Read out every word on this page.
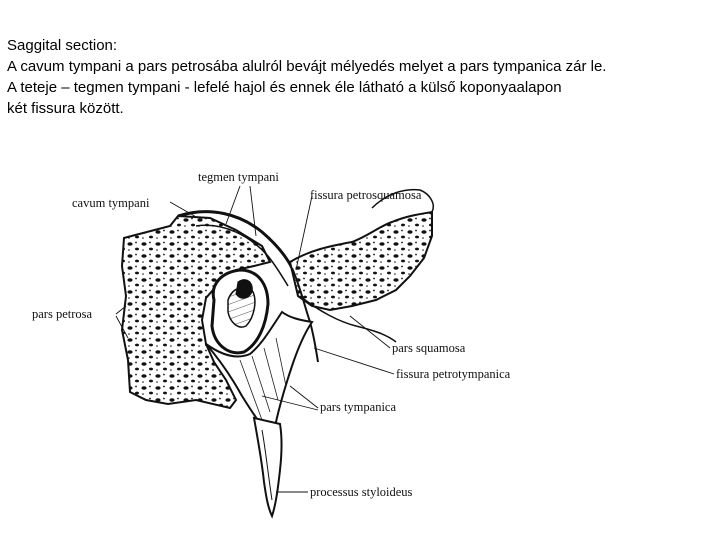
Saggital section:
A cavum tympani a pars petrosába alulról bevájt mélyedés melyet a pars tympanica zár le.
A teteje – tegmen tympani - lefelé hajol és ennek éle látható a külső koponyaalapon
két fissura között.
cavum tympani
tegmen tympani
fissura petrosquamosa
pars petrosa
pars squamosa
fissura petrotympanica
pars tympanica
processus styloideus
